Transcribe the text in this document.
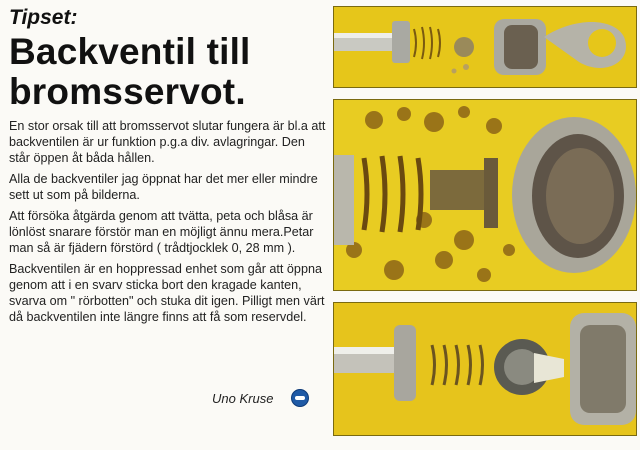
Tipset:
Backventil till
bromsservot.

En stor orsak till att bromsservot slutar fungera är bl.a att backventilen är ur funktion p.g.a div. avlagringar. Den står öppen åt båda hållen.

Alla de backventiler jag öppnat har det mer eller mindre sett ut som på bilderna.

Att försöka åtgärda genom att tvätta, peta och blåsa är lönlöst snarare förstör man en möjligt ännu mera.Petar man så är fjädern förstörd ( trådtjocklek 0, 28 mm ).

Backventilen är en hoppressad enhet som går att öppna genom att i en svarv sticka bort den kragade kanten, svarva om " rörbotten" och stuka dit igen. Pilligt men värt då backventilen inte längre finns att få som reservdel.

Uno Kruse
